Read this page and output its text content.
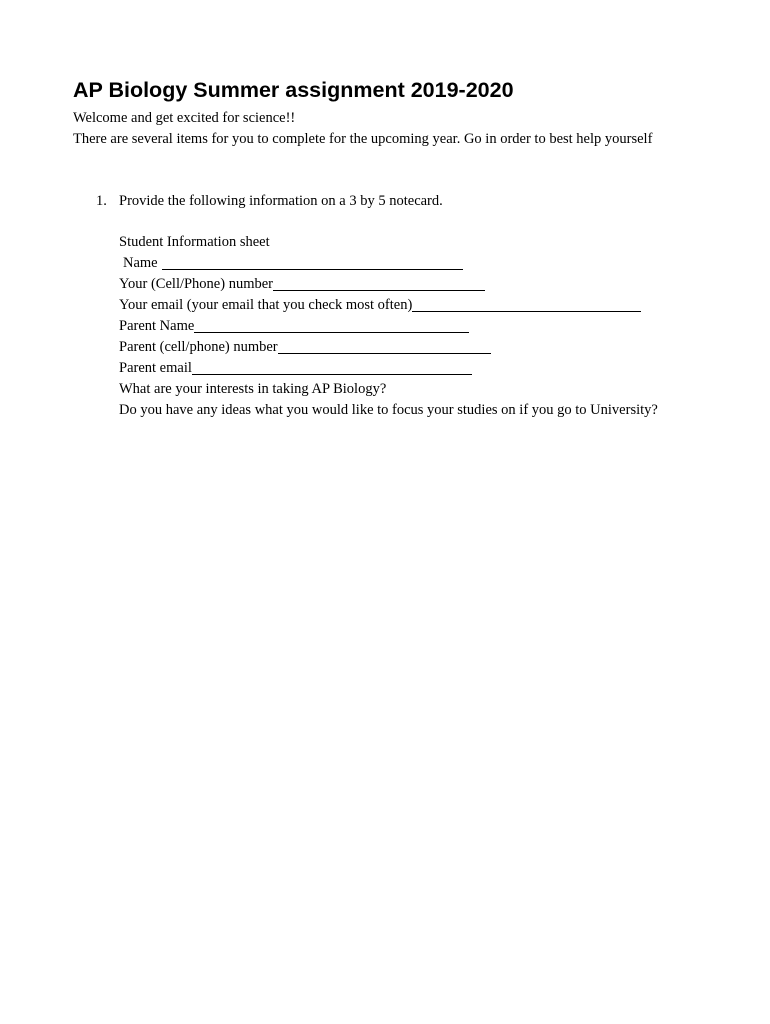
AP Biology Summer assignment 2019-2020

Welcome and get excited for science!!

There are several items for you to complete for the upcoming year. Go in order to best help yourself

1. Provide the following information on a 3 by 5 notecard.
Student Information sheet
Name
Your (Cell/Phone) number
Your email (your email that you check most often)
Parent Name
Parent (cell/phone) number
Parent email
What are your interests in taking AP Biology?
Do you have any ideas what you would like to focus your studies on if you go to University?
